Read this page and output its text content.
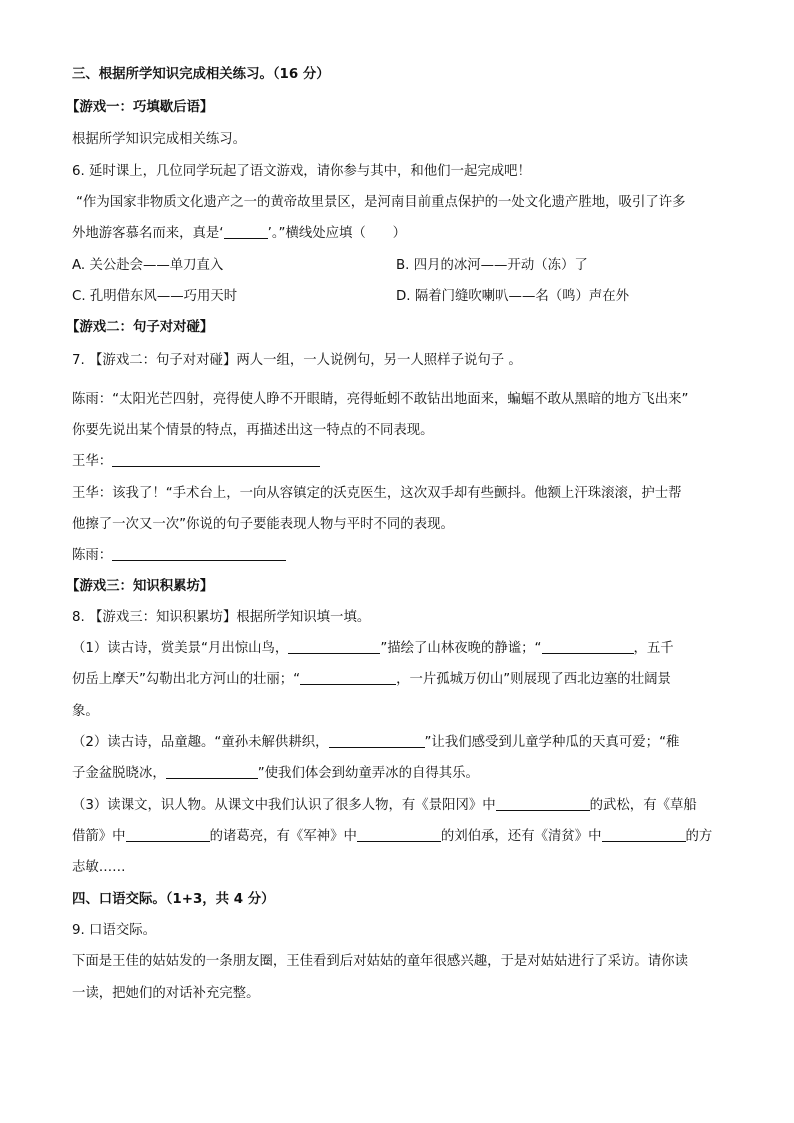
三、根据所学知识完成相关练习。（16 分）
【游戏一：巧填歇后语】
根据所学知识完成相关练习。
6. 延时课上，几位同学玩起了语文游戏，请你参与其中，和他们一起完成吧！
“作为国家非物质文化遗产之一的黄帝故里景区，是河南目前重点保护的一处文化遗产胜地，吸引了许多
外地游客慕名而来，真是‘	’。”横线处应填（　　）
A. 关公赴会——单刀直入	B. 四月的冰河——开动（冻）了
C. 孔明借东风——巧用天时	D. 隔着门缝吹喇叭——名（鸣）声在外
【游戏二：句子对对碰】
7. 【游戏二：句子对对碰】两人一组，一人说例句，另一人照样子说句子 。
陈雨：“太阳光芒四射，亮得使人睁不开眼睛，亮得蚯蚓不敢钻出地面来，蝙蝠不敢从黑暗的地方飞出来”
你要先说出某个情景的特点，再描述出这一特点的不同表现。
王华：
王华：该我了！“手术台上，一向从容镇定的沃克医生，这次双手却有些颤抖。他额上汗珠滚滚，护士帮
他擦了一次又一次”你说的句子要能表现人物与平时不同的表现。
陈雨：
【游戏三：知识积累坊】
8. 【游戏三：知识积累坊】根据所学知识填一填。
（1）读古诗，赏美景“月出惊山鸟，	”描绘了山林夜晚的静谧；“	，五千
仞岳上摩天”勾勒出北方河山的壮丽；“	，一片孤城万仞山”则展现了西北边塞的壮阔景
象。
（2）读古诗，品童趣。“童孙未解供耕织，	”让我们感受到儿童学种瓜的天真可爱；“稚
子金盆脱晓冰，	”使我们体会到幼童弄冰的自得其乐。
（3）读课文，识人物。从课文中我们认识了很多人物，有《景阳冈》中	的武松，有《草船
借箭》中	的诸葛亮，有《军神》中	的刘伯承，还有《清贫》中	的方
志敏……
四、口语交际。（1+3，共 4 分）
9. 口语交际。
下面是王佳的姑姑发的一条朋友圈，王佳看到后对姑姑的童年很感兴趣，于是对姑姑进行了采访。请你读
一读，把她们的对话补充完整。
